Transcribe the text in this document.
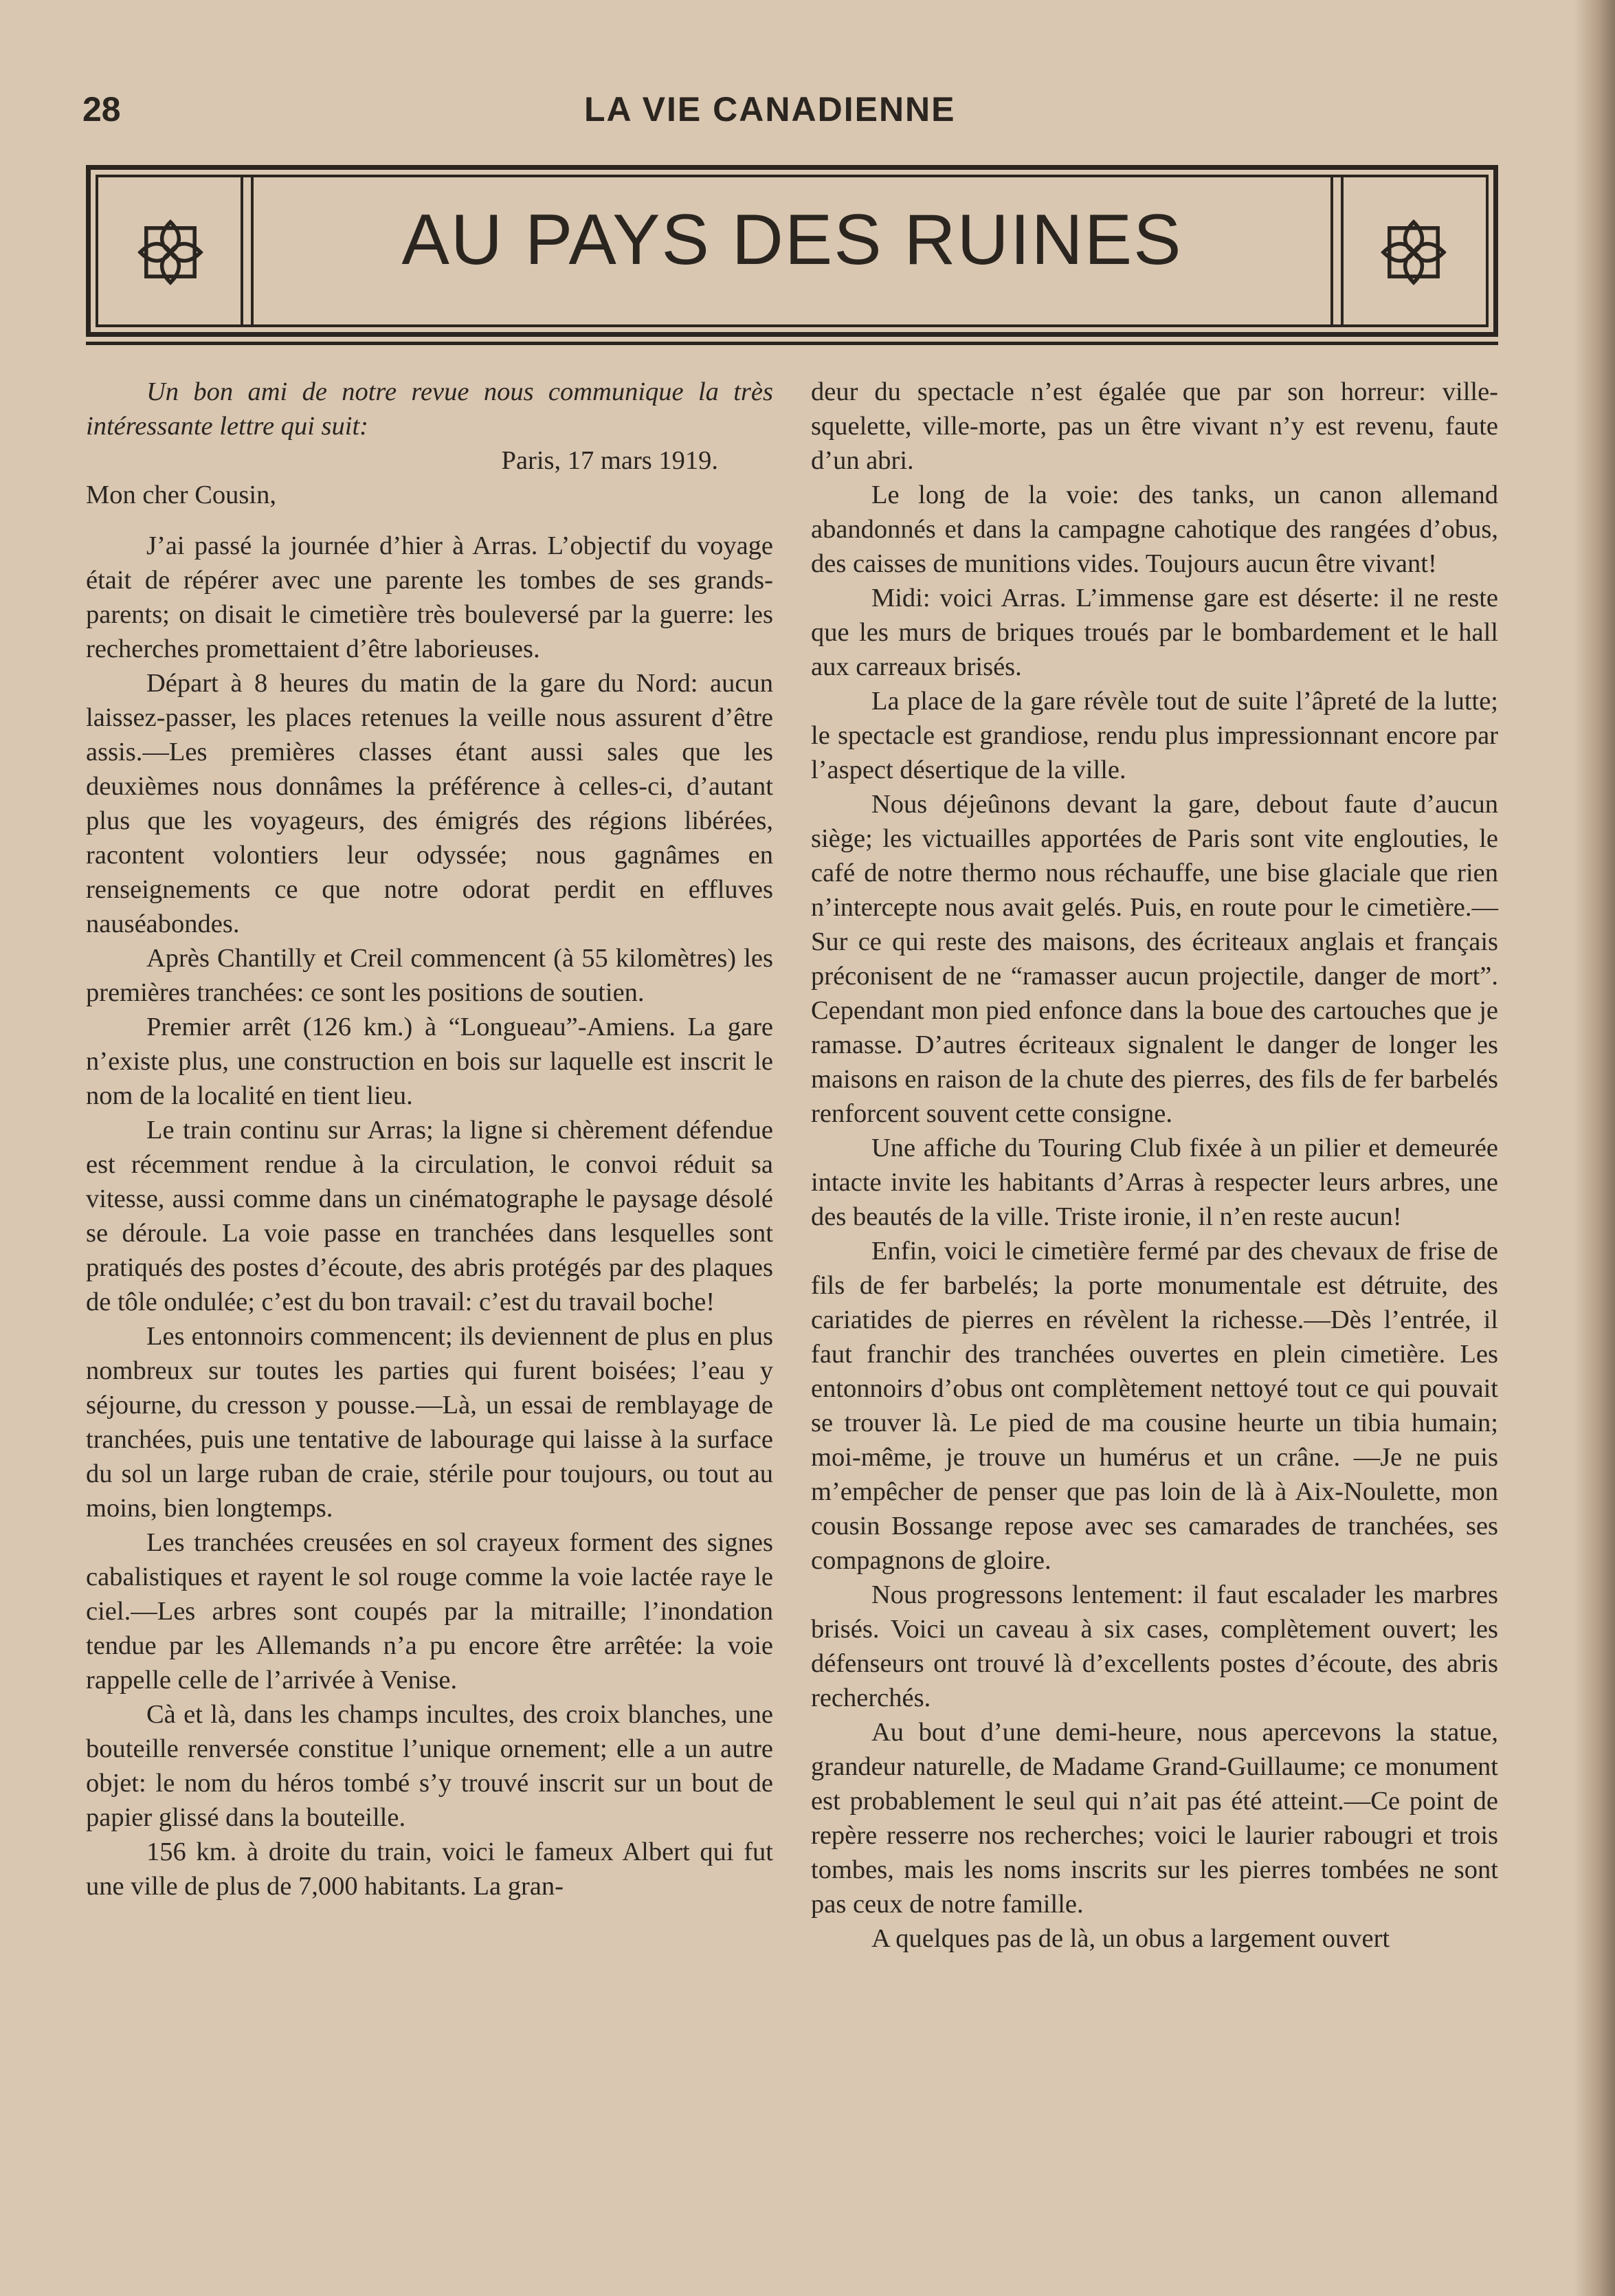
28	LA VIE CANADIENNE
AU PAYS DES RUINES

Un bon ami de notre revue nous communique la très intéressante lettre qui suit:

Paris, 17 mars 1919.

Mon cher Cousin,

J’ai passé la journée d’hier à Arras. L’objectif du voyage était de répérer avec une parente les tombes de ses grands-parents; on disait le cimetière très bouleversé par la guerre: les recherches promettaient d’être laborieuses.

Départ à 8 heures du matin de la gare du Nord: aucun laissez-passer, les places retenues la veille nous assurent d’être assis.—Les premières classes étant aussi sales que les deuxièmes nous donnâmes la préférence à celles-ci, d’autant plus que les voyageurs, des émigrés des régions libérées, racontent volontiers leur odyssée; nous gagnâmes en renseignements ce que notre odorat perdit en effluves nauséabondes.

Après Chantilly et Creil commencent (à 55 kilomètres) les premières tranchées: ce sont les positions de soutien.

Premier arrêt (126 km.) à “Longueau”-Amiens. La gare n’existe plus, une construction en bois sur laquelle est inscrit le nom de la localité en tient lieu.

Le train continu sur Arras; la ligne si chèrement défendue est récemment rendue à la circulation, le convoi réduit sa vitesse, aussi comme dans un cinématographe le paysage désolé se déroule. La voie passe en tranchées dans lesquelles sont pratiqués des postes d’écoute, des abris protégés par des plaques de tôle ondulée; c’est du bon travail: c’est du travail boche!

Les entonnoirs commencent; ils deviennent de plus en plus nombreux sur toutes les parties qui furent boisées; l’eau y séjourne, du cresson y pousse.—Là, un essai de remblayage de tranchées, puis une tentative de labourage qui laisse à la surface du sol un large ruban de craie, stérile pour toujours, ou tout au moins, bien longtemps.

Les tranchées creusées en sol crayeux forment des signes cabalistiques et rayent le sol rouge comme la voie lactée raye le ciel.—Les arbres sont coupés par la mitraille; l’inondation tendue par les Allemands n’a pu encore être arrêtée: la voie rappelle celle de l’arrivée à Venise.

Cà et là, dans les champs incultes, des croix blanches, une bouteille renversée constitue l’unique ornement; elle a un autre objet: le nom du héros tombé s’y trouvé inscrit sur un bout de papier glissé dans la bouteille.

156 km. à droite du train, voici le fameux Albert qui fut une ville de plus de 7,000 habitants. La gran-

deur du spectacle n’est égalée que par son horreur: ville-squelette, ville-morte, pas un être vivant n’y est revenu, faute d’un abri.

Le long de la voie: des tanks, un canon allemand abandonnés et dans la campagne cahotique des rangées d’obus, des caisses de munitions vides. Toujours aucun être vivant!

Midi: voici Arras. L’immense gare est déserte: il ne reste que les murs de briques troués par le bombardement et le hall aux carreaux brisés.

La place de la gare révèle tout de suite l’âpreté de la lutte; le spectacle est grandiose, rendu plus impressionnant encore par l’aspect désertique de la ville.

Nous déjeûnons devant la gare, debout faute d’aucun siège; les victuailles apportées de Paris sont vite englouties, le café de notre thermo nous réchauffe, une bise glaciale que rien n’intercepte nous avait gelés. Puis, en route pour le cimetière.—Sur ce qui reste des maisons, des écriteaux anglais et français préconisent de ne “ramasser aucun projectile, danger de mort”. Cependant mon pied enfonce dans la boue des cartouches que je ramasse. D’autres écriteaux signalent le danger de longer les maisons en raison de la chute des pierres, des fils de fer barbelés renforcent souvent cette consigne.

Une affiche du Touring Club fixée à un pilier et demeurée intacte invite les habitants d’Arras à respecter leurs arbres, une des beautés de la ville. Triste ironie, il n’en reste aucun!

Enfin, voici le cimetière fermé par des chevaux de frise de fils de fer barbelés; la porte monumentale est détruite, des cariatides de pierres en révèlent la richesse.—Dès l’entrée, il faut franchir des tranchées ouvertes en plein cimetière. Les entonnoirs d’obus ont complètement nettoyé tout ce qui pouvait se trouver là. Le pied de ma cousine heurte un tibia humain; moi-même, je trouve un humérus et un crâne. —Je ne puis m’empêcher de penser que pas loin de là à Aix-Noulette, mon cousin Bossange repose avec ses camarades de tranchées, ses compagnons de gloire.

Nous progressons lentement: il faut escalader les marbres brisés. Voici un caveau à six cases, complètement ouvert; les défenseurs ont trouvé là d’excellents postes d’écoute, des abris recherchés.

Au bout d’une demi-heure, nous apercevons la statue, grandeur naturelle, de Madame Grand-Guillaume; ce monument est probablement le seul qui n’ait pas été atteint.—Ce point de repère resserre nos recherches; voici le laurier rabougri et trois tombes, mais les noms inscrits sur les pierres tombées ne sont pas ceux de notre famille.

A quelques pas de là, un obus a largement ouvert
